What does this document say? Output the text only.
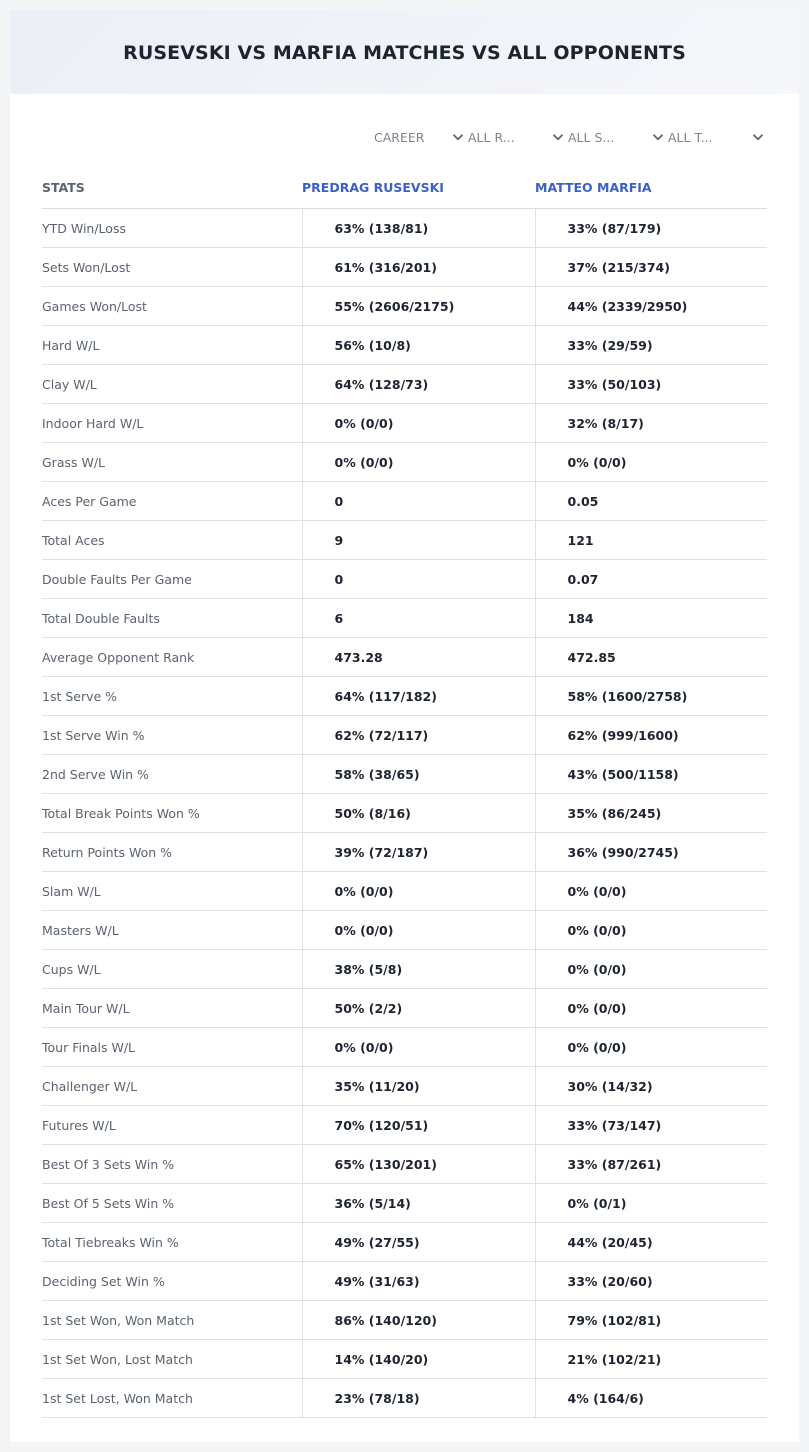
RUSEVSKI VS MARFIA MATCHES VS ALL OPPONENTS
CAREER	ALL R...	ALL S...	ALL T...
STATS	PREDRAG RUSEVSKI	MATTEO MARFIA
YTD Win/Loss	63% (138/81)	33% (87/179)
Sets Won/Lost	61% (316/201)	37% (215/374)
Games Won/Lost	55% (2606/2175)	44% (2339/2950)
Hard W/L	56% (10/8)	33% (29/59)
Clay W/L	64% (128/73)	33% (50/103)
Indoor Hard W/L	0% (0/0)	32% (8/17)
Grass W/L	0% (0/0)	0% (0/0)
Aces Per Game	0	0.05
Total Aces	9	121
Double Faults Per Game	0	0.07
Total Double Faults	6	184
Average Opponent Rank	473.28	472.85
1st Serve %	64% (117/182)	58% (1600/2758)
1st Serve Win %	62% (72/117)	62% (999/1600)
2nd Serve Win %	58% (38/65)	43% (500/1158)
Total Break Points Won %	50% (8/16)	35% (86/245)
Return Points Won %	39% (72/187)	36% (990/2745)
Slam W/L	0% (0/0)	0% (0/0)
Masters W/L	0% (0/0)	0% (0/0)
Cups W/L	38% (5/8)	0% (0/0)
Main Tour W/L	50% (2/2)	0% (0/0)
Tour Finals W/L	0% (0/0)	0% (0/0)
Challenger W/L	35% (11/20)	30% (14/32)
Futures W/L	70% (120/51)	33% (73/147)
Best Of 3 Sets Win %	65% (130/201)	33% (87/261)
Best Of 5 Sets Win %	36% (5/14)	0% (0/1)
Total Tiebreaks Win %	49% (27/55)	44% (20/45)
Deciding Set Win %	49% (31/63)	33% (20/60)
1st Set Won, Won Match	86% (140/120)	79% (102/81)
1st Set Won, Lost Match	14% (140/20)	21% (102/21)
1st Set Lost, Won Match	23% (78/18)	4% (164/6)
